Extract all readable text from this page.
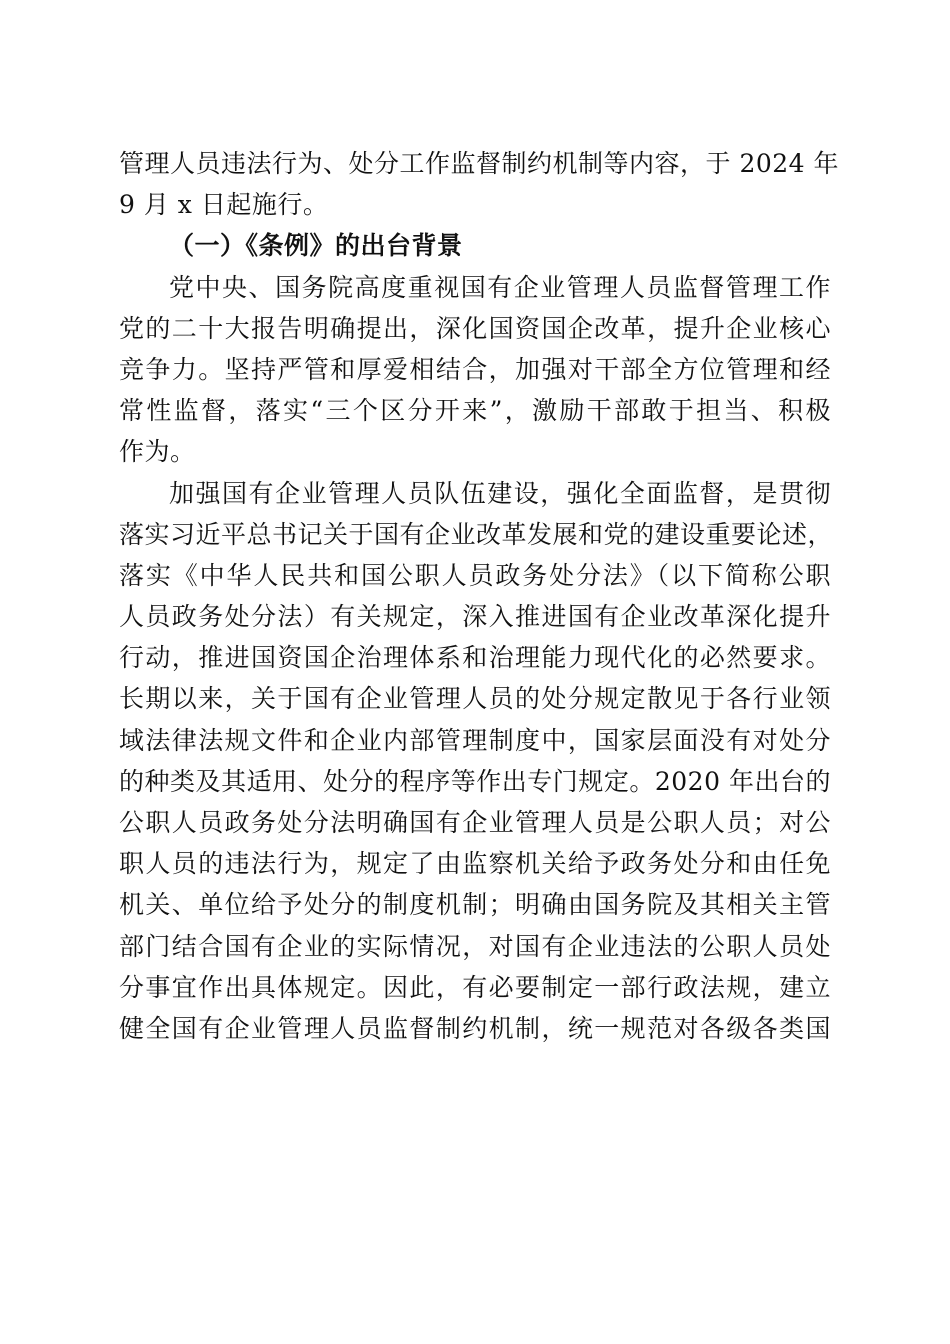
管理人员违法行为、处分工作监督制约机制等内容，于 2024 年
9 月 x 日起施行。
（一）《条例》的出台背景
党中央、国务院高度重视国有企业管理人员监督管理工作
党的二十大报告明确提出，深化国资国企改革，提升企业核心
竞争力。坚持严管和厚爱相结合，加强对干部全方位管理和经
常性监督，落实“三个区分开来”，激励干部敢于担当、积极
作为。
加强国有企业管理人员队伍建设，强化全面监督，是贯彻
落实习近平总书记关于国有企业改革发展和党的建设重要论述，
落实《中华人民共和国公职人员政务处分法》（以下简称公职
人员政务处分法）有关规定，深入推进国有企业改革深化提升
行动，推进国资国企治理体系和治理能力现代化的必然要求。
长期以来，关于国有企业管理人员的处分规定散见于各行业领
域法律法规文件和企业内部管理制度中，国家层面没有对处分
的种类及其适用、处分的程序等作出专门规定。2020 年出台的
公职人员政务处分法明确国有企业管理人员是公职人员；对公
职人员的违法行为，规定了由监察机关给予政务处分和由任免
机关、单位给予处分的制度机制；明确由国务院及其相关主管
部门结合国有企业的实际情况，对国有企业违法的公职人员处
分事宜作出具体规定。因此，有必要制定一部行政法规，建立
健全国有企业管理人员监督制约机制，统一规范对各级各类国
